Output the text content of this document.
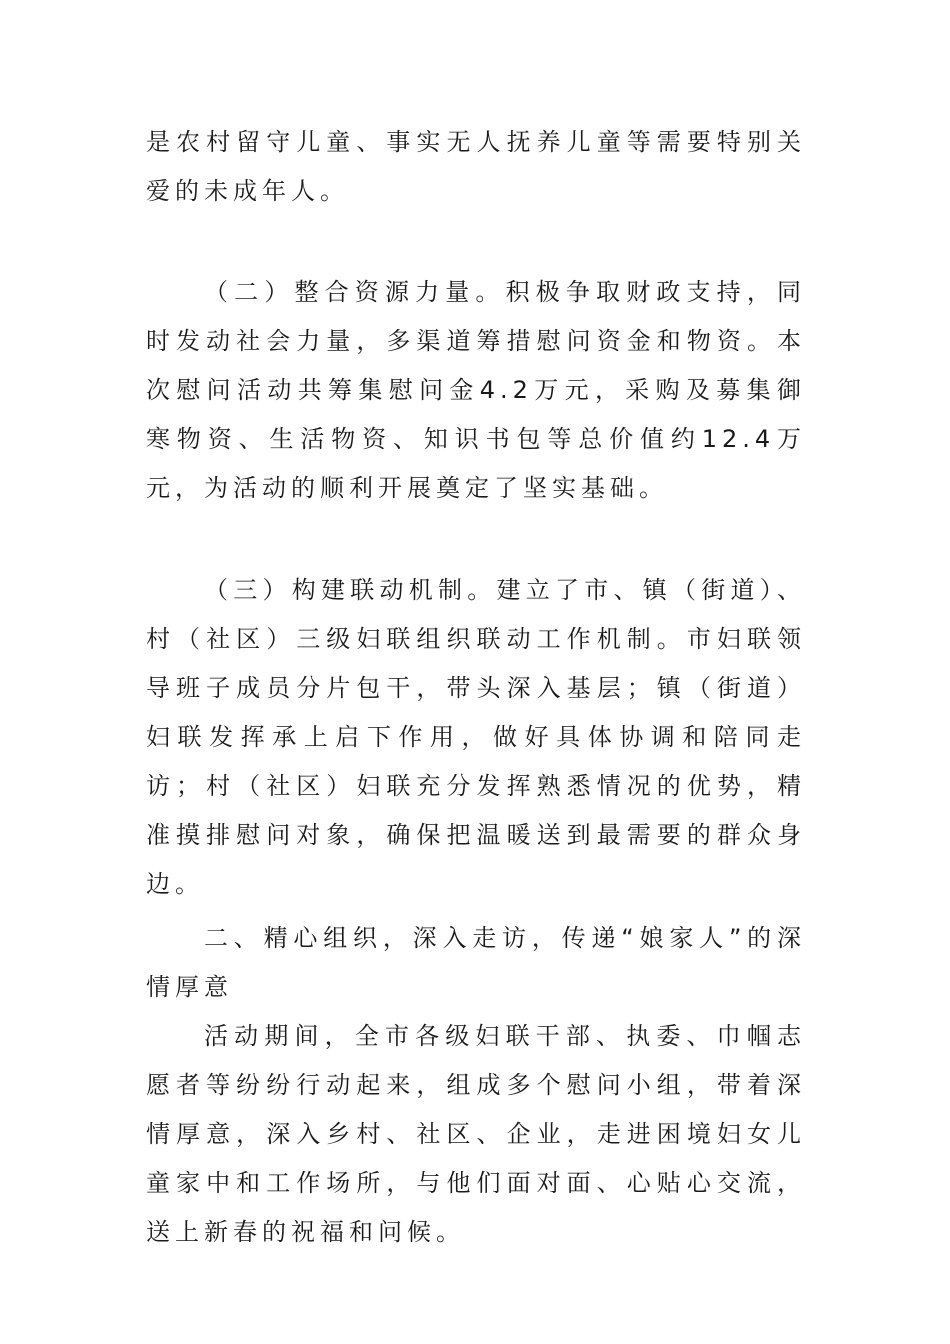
是农村留守儿童、事实无人抚养儿童等需要特别关爱的未成年人。

（二）整合资源力量。积极争取财政支持，同时发动社会力量，多渠道筹措慰问资金和物资。本次慰问活动共筹集慰问金4.2万元，采购及募集御寒物资、生活物资、知识书包等总价值约12.4万元，为活动的顺利开展奠定了坚实基础。

（三）构建联动机制。建立了市、镇（街道）、村（社区）三级妇联组织联动工作机制。市妇联领导班子成员分片包干，带头深入基层；镇（街道）妇联发挥承上启下作用，做好具体协调和陪同走访；村（社区）妇联充分发挥熟悉情况的优势，精准摸排慰问对象，确保把温暖送到最需要的群众身边。

二、精心组织，深入走访，传递“娘家人”的深情厚意

活动期间，全市各级妇联干部、执委、巾帼志愿者等纷纷行动起来，组成多个慰问小组，带着深情厚意，深入乡村、社区、企业，走进困境妇女儿童家中和工作场所，与他们面对面、心贴心交流，送上新春的祝福和问候。
